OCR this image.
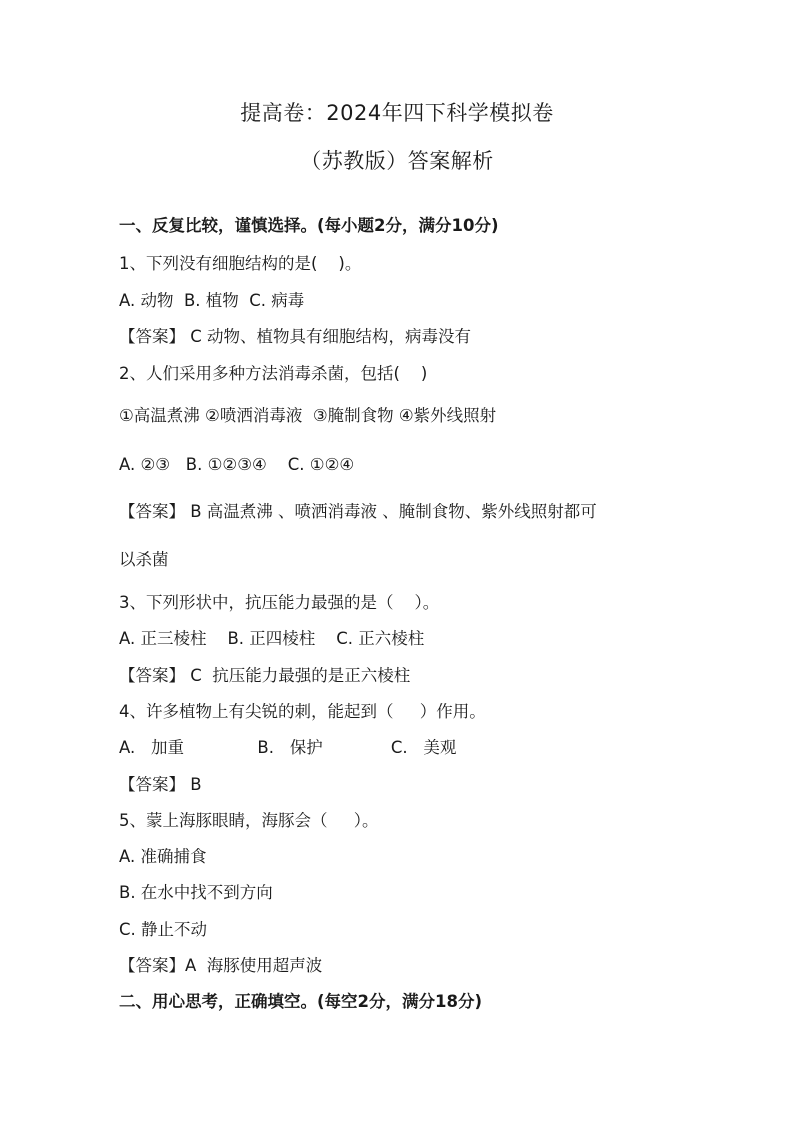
提高卷：2024年四下科学模拟卷
（苏教版）答案解析
一、反复比较，谨慎选择。(每小题2分，满分10分)
1、下列没有细胞结构的是(    )。
A. 动物  B. 植物  C. 病毒
【答案】 C 动物、植物具有细胞结构，病毒没有
2、人们采用多种方法消毒杀菌，包括(    )
①高温煮沸 ②喷洒消毒液  ③腌制食物 ④紫外线照射
A. ②③   B. ①②③④    C. ①②④
【答案】 B 高温煮沸 、喷洒消毒液 、腌制食物、紫外线照射都可
以杀菌
3、下列形状中，抗压能力最强的是（    ）。
A. 正三棱柱    B. 正四棱柱    C. 正六棱柱
【答案】 C  抗压能力最强的是正六棱柱
4、许多植物上有尖锐的刺，能起到（     ）作用。
A.   加重              B.   保护             C.   美观
【答案】 B
5、蒙上海豚眼睛，海豚会（     ）。
A. 准确捕食
B. 在水中找不到方向
C. 静止不动
【答案】A  海豚使用超声波
二、用心思考，正确填空。(每空2分，满分18分)
